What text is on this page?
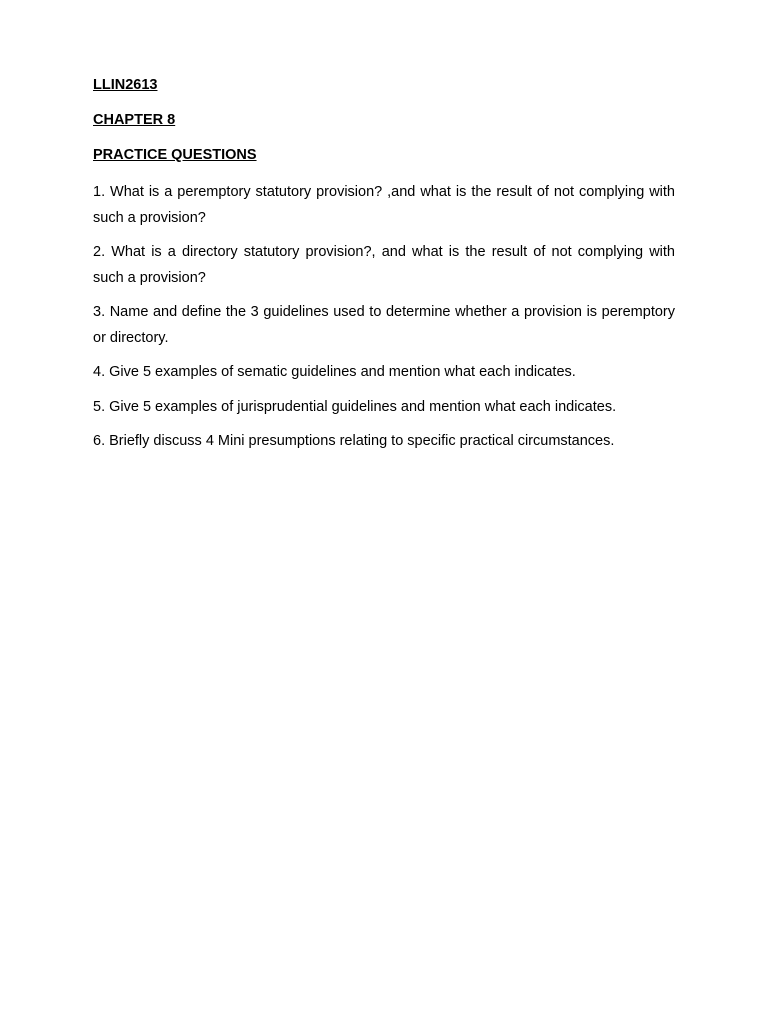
LLIN2613

CHAPTER 8

PRACTICE QUESTIONS

1. What is a peremptory statutory provision? ,and what is the result of not complying with such a provision?
2. What is a directory statutory provision?, and what is the result of not complying with such a provision?
3. Name and define the 3 guidelines used to determine whether a provision is peremptory or directory.
4. Give 5 examples of sematic guidelines and mention what each indicates.
5. Give 5 examples of jurisprudential guidelines and mention what each indicates.
6. Briefly discuss 4 Mini presumptions relating to specific practical circumstances.
